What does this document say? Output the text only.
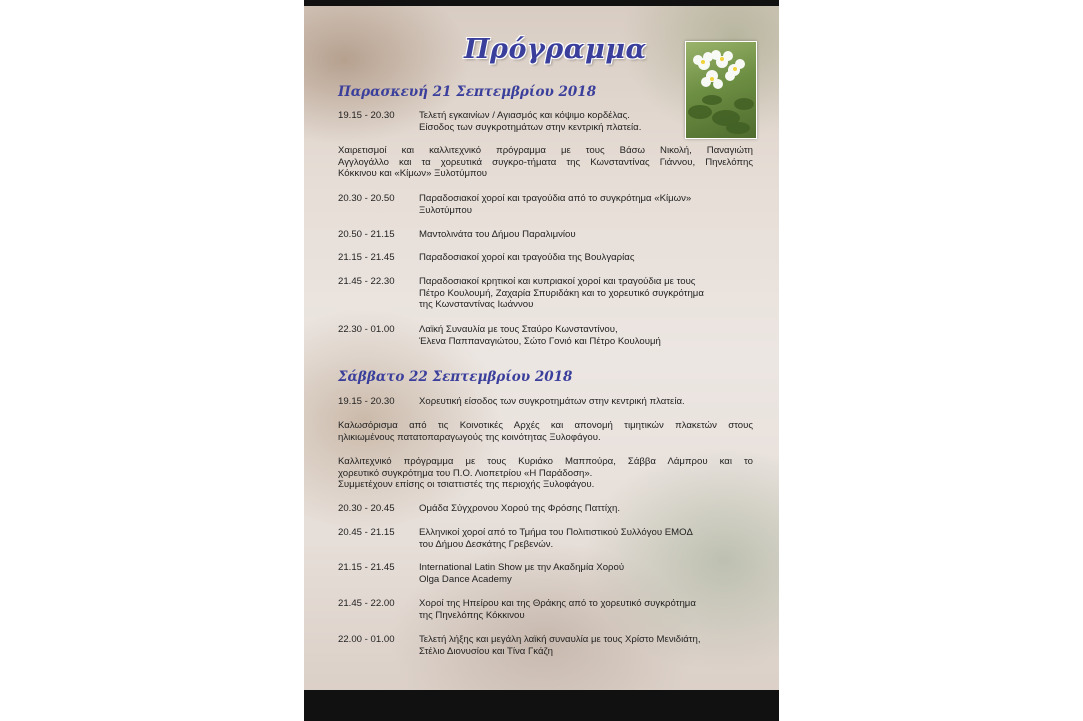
Πρόγραμμα
Παρασκευή 21 Σεπτεμβρίου 2018
19.15 - 20.30	Τελετή εγκαινίων / Αγιασμός και κόψιμο κορδέλας.
Είσοδος των συγκροτημάτων στην κεντρική πλατεία.
Χαιρετισμοί και καλλιτεχνικό πρόγραμμα με τους Βάσω Νικολή, Παναγιώτη
Αγγλογάλλο και τα χορευτικά συγκρο-τήματα της Κωνσταντίνας Γιάννου, Πηνελόπης
Κόκκινου και «Κίμων» Ξυλοτύμπου
20.30 - 20.50	Παραδοσιακοί χοροί και τραγούδια από το συγκρότημα «Κίμων»
Ξυλοτύμπου
20.50 - 21.15	Μαντολινάτα του Δήμου Παραλιμνίου
21.15 - 21.45	Παραδοσιακοί χοροί και τραγούδια της Βουλγαρίας
21.45 - 22.30	Παραδοσιακοί κρητικοί και κυπριακοί χοροί και τραγούδια με τους
Πέτρο Κουλουμή, Ζαχαρία Σπυριδάκη και το χορευτικό συγκρότημα
της Κωνσταντίνας Ιωάννου
22.30 - 01.00	Λαϊκή Συναυλία με τους Σταύρο Κωνσταντίνου,
Έλενα Παππαναγιώτου, Σώτο Γονιό και Πέτρο Κουλουμή
Σάββατο 22 Σεπτεμβρίου 2018
19.15 - 20.30	Χορευτική είσοδος των συγκροτημάτων στην κεντρική πλατεία.
Καλωσόρισμα από τις Κοινοτικές Αρχές και απονομή τιμητικών πλακετών στους
ηλικιωμένους πατατοπαραγωγούς της κοινότητας Ξυλοφάγου.
Καλλιτεχνικό πρόγραμμα με τους Κυριάκο Μαππούρα, Σάββα Λάμπρου και το
χορευτικό συγκρότημα του Π.Ο. Λιοπετρίου «Η Παράδοση».
Συμμετέχουν επίσης οι τσιαττιστές της περιοχής Ξυλοφάγου.
20.30 - 20.45	Ομάδα Σύγχρονου Χορού της Φρόσης Παττίχη.
20.45 - 21.15	Ελληνικοί χοροί από το Τμήμα του Πολιτιστικού Συλλόγου ΕΜΟΔ
του Δήμου Δεσκάτης Γρεβενών.
21.15 - 21.45	International Latin Show με την Ακαδημία Χορού
Olga Dance Academy
21.45 - 22.00	Χοροί της Ηπείρου και της Θράκης από το χορευτικό συγκρότημα
της Πηνελόπης Κόκκινου
22.00 - 01.00	Τελετή λήξης και μεγάλη λαϊκή συναυλία με τους Χρίστο Μενιδιάτη,
Στέλιο Διονυσίου και Τίνα Γκάζη
